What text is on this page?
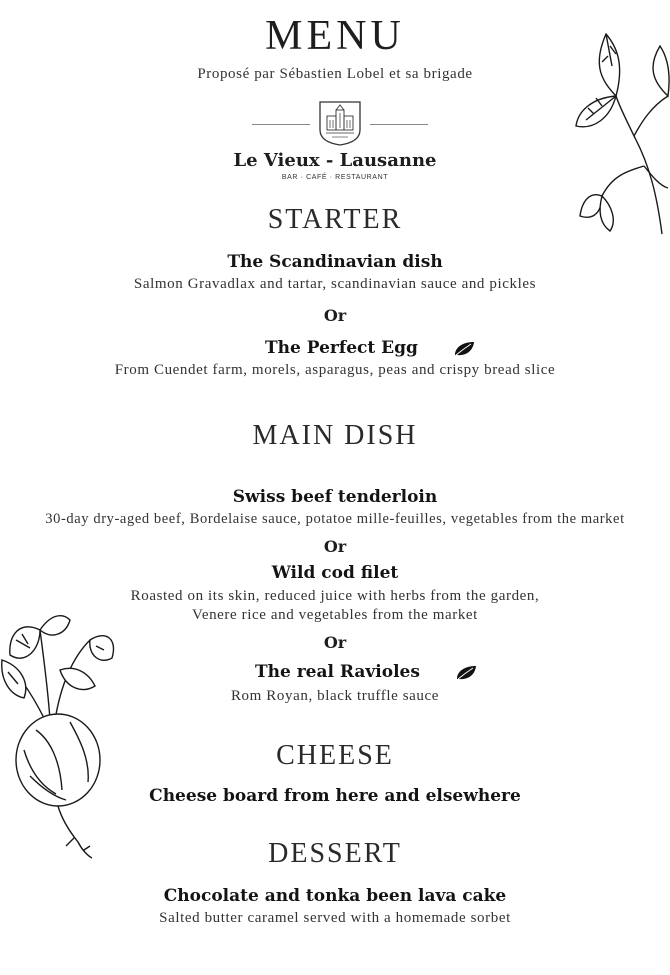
MENU
Proposé par Sébastien Lobel et sa brigade
Le Vieux - Lausanne
BAR · CAFÉ · RESTAURANT
STARTER
The Scandinavian dish
Salmon Gravadlax and tartar, scandinavian sauce and pickles
Or
The Perfect Egg
From Cuendet farm, morels, asparagus, peas and crispy bread slice
MAIN DISH
Swiss beef tenderloin
30-day dry-aged beef, Bordelaise sauce, potatoe mille-feuilles, vegetables from the market
Or
Wild cod filet
Roasted on its skin, reduced juice with herbs from the garden,
Venere rice and vegetables from the market
Or
The real Ravioles
Rom Royan, black truffle sauce
CHEESE
Cheese board from here and elsewhere
DESSERT
Chocolate and tonka been lava cake
Salted butter caramel served with a homemade sorbet
